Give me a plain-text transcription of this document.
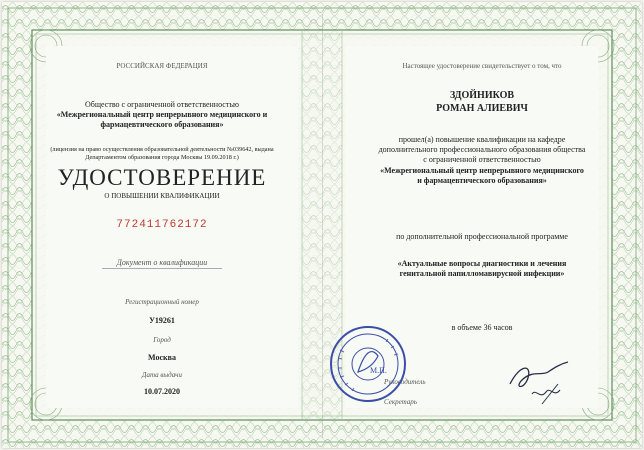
РОССИЙСКАЯ ФЕДЕРАЦИЯ
Общество с ограниченной ответственностью
«Межрегиональный центр непрерывного медицинского и
фармацевтического образования»
(лицензия на право осуществления образовательной деятельности №039642, выдана
Департаментом образования города Москвы 19.09.2018 г.)
УДОСТОВЕРЕНИЕ
О ПОВЫШЕНИИ КВАЛИФИКАЦИИ
772411762172
Документ о квалификации
Регистрационный номер
У19261
Город
Москва
Дата выдачи
10.07.2020
Настоящее удостоверение свидетельствует о том, что
ЗДОЙНИКОВ
РОМАН АЛИЕВИЧ
прошел(а) повышение квалификации на кафедре
дополнительного профессионального образования общества
с ограниченной ответственностью
«Межрегиональный центр непрерывного медицинского
и фармацевтического образования»
по дополнительной профессиональной программе
«Актуальные вопросы диагностики и лечения
генитальной папилломавирусной инфекции»
в объеме 36 часов
Руководитель
Секретарь
М.П.
